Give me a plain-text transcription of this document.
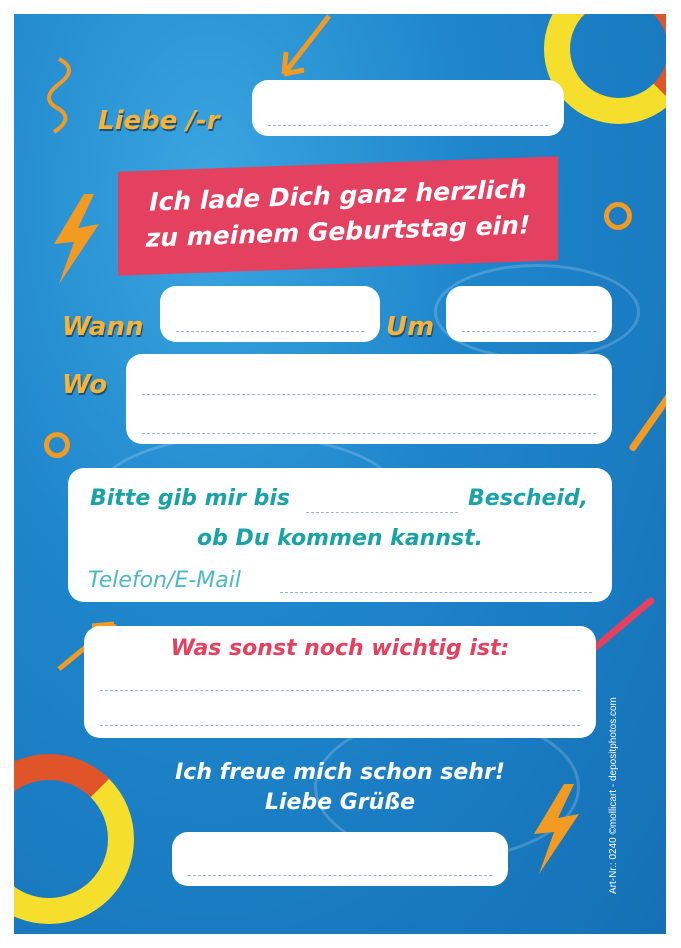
Liebe /-r
Ich lade Dich ganz herzlich
zu meinem Geburtstag ein!
Wann	Um
Wo
Bitte gib mir bis	Bescheid,
ob Du kommen kannst.
Telefon/E-Mail
Was sonst noch wichtig ist:
Ich freue mich schon sehr!
Liebe Grüße	Art-Nr.: 0240 ©mollicart - depositphotos.com
